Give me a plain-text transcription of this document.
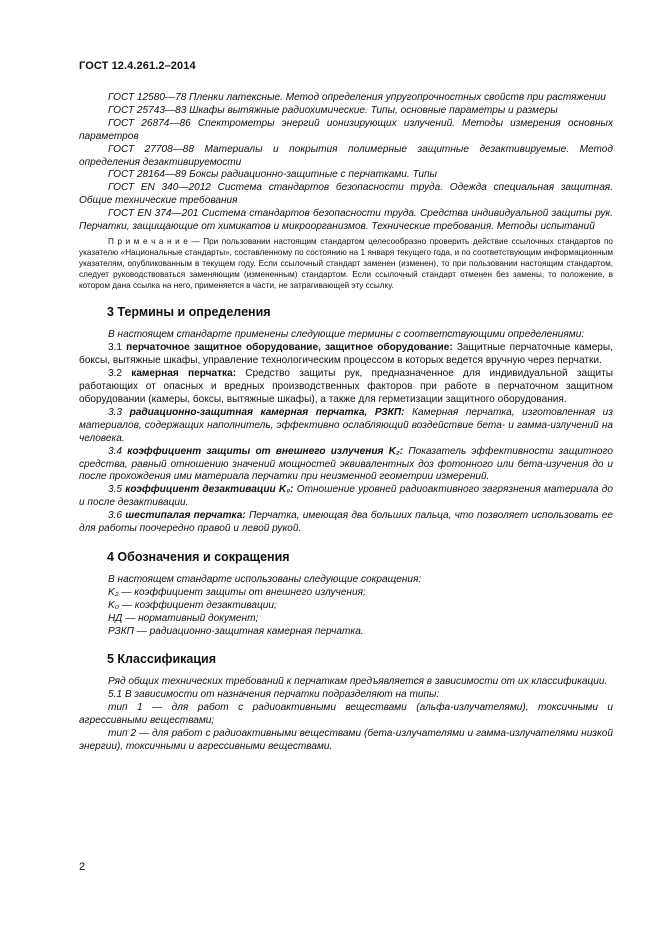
ГОСТ 12.4.261.2–2014

ГОСТ 12580—78 Пленки латексные. Метод определения упругопрочностных свойств при растяжении

ГОСТ 25743—83 Шкафы вытяжные радиохимические. Типы, основные параметры и размеры

ГОСТ 26874—86 Спектрометры энергий ионизирующих излучений. Методы измерения основных параметров

ГОСТ 27708—88 Материалы и покрытия полимерные защитные дезактивируемые. Метод определения дезактивируемости

ГОСТ 28164—89 Боксы радиационно-защитные с перчатками. Типы

ГОСТ EN 340—2012 Система стандартов безопасности труда. Одежда специальная защитная. Общие технические требования

ГОСТ EN 374—201 Система стандартов безопасности труда. Средства индивидуальной защиты рук. Перчатки, защищающие от химикатов и микроорганизмов. Технические требования. Методы испытаний

П р и м е ч а н и е — При пользовании настоящим стандартом целесообразно проверить действие ссылочных стандартов по указателю «Национальные стандарты», составленному по состоянию на 1 января текущего года, и по соответствующим информационным указателям, опубликованным в текущем году. Если ссылочный стандарт заменен (изменен), то при пользовании настоящим стандартом, следует руководствоваться заменяющим (измененным) стандартом. Если ссылочный стандарт отменен без замены, то положение, в котором дана ссылка на него, применяется в части, не затрагивающей эту ссылку.

3 Термины и определения

В настоящем стандарте применены следующие термины с соответствующими определениями:

3.1 перчаточное защитное оборудование, защитное оборудование: Защитные перчаточные камеры, боксы, вытяжные шкафы, управление технологическим процессом в которых ведется вручную через перчатки.

3.2 камерная перчатка: Средство защиты рук, предназначенное для индивидуальной защиты работающих от опасных и вредных производственных факторов при работе в перчаточном защитном оборудовании (камеры, боксы, вытяжные шкафы), а также для герметизации защитного оборудования.

3.3 радиационно-защитная камерная перчатка, РЗКП: Камерная перчатка, изготовленная из материалов, содержащих наполнитель, эффективно ослабляющий воздействие бета- и гамма-излучений на человека.

3.4 коэффициент защиты от внешнего излучения K₂: Показатель эффективности защитного средства, равный отношению значений мощностей эквивалентных доз фотонного или бета-изучения до и после прохождения ими материала перчатки при неизменной геометрии измерений.

3.5 коэффициент дезактивации K₀: Отношение уровней радиоактивного загрязнения материала до и после дезактивации.

3.6 шестипалая перчатка: Перчатка, имеющая два больших пальца, что позволяет использовать ее для работы поочередно правой и левой рукой.

4 Обозначения и сокращения

В настоящем стандарте использованы следующие сокращения:

K₂ — коэффициент защиты от внешнего излучения;

K₀ — коэффициент дезактивации;

НД — нормативный документ;

РЗКП — радиационно-защитная камерная перчатка.

5 Классификация

Ряд общих технических требований к перчаткам предъявляется в зависимости от их классификации.

5.1 В зависимости от назначения перчатки подразделяют на типы:

тип 1 — для работ с радиоактивными веществами (альфа-излучателями), токсичными и агрессивными веществами;

тип 2 — для работ с радиоактивными веществами (бета-излучателями и гамма-излучателями низкой энергии), токсичными и агрессивными веществами.

2
